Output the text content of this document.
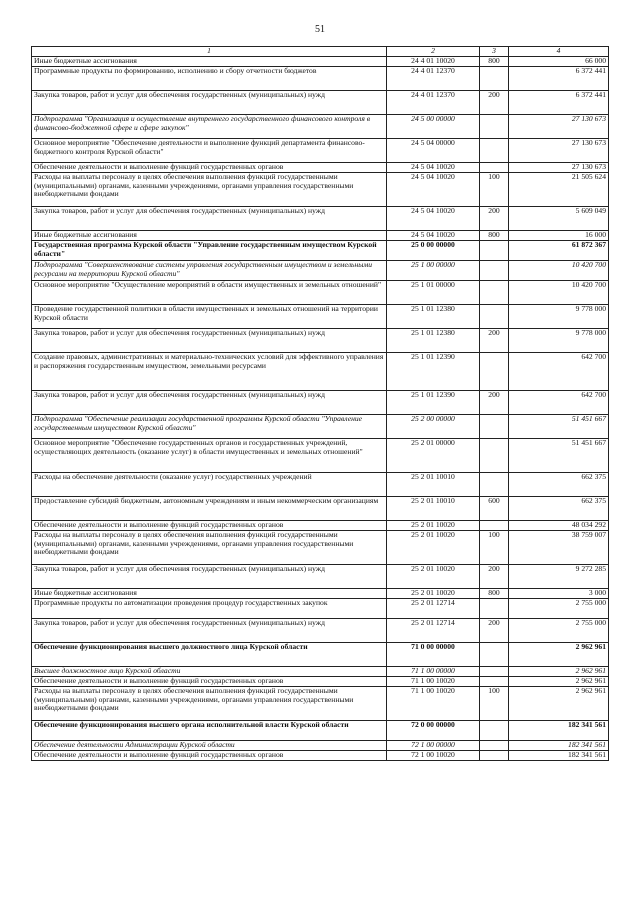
51
1	2	3	4
Иные бюджетные ассигнования	24 4 01 10020	800	66 000
Программные продукты по формированию, исполнению и сбору отчетности бюджетов	24 4 01 12370		6 372 441
Закупка товаров, работ и услуг для обеспечения государственных (муниципальных) нужд	24 4 01 12370	200	6 372 441
Подпрограмма "Организация и осуществление внутреннего государственного финансового контроля в финансово-бюджетной сфере и сфере закупок"	24 5 00 00000		27 130 673
Основное мероприятие "Обеспечение деятельности и выполнение функций департамента финансово-бюджетного контроля Курской области"	24 5 04 00000		27 130 673
Обеспечение деятельности и выполнение функций государственных органов	24 5 04 10020		27 130 673
Расходы на выплаты персоналу в целях обеспечения выполнения функций государственными (муниципальными) органами, казенными учреждениями, органами управления государственными внебюджетными фондами	24 5 04 10020	100	21 505 624
Закупка товаров, работ и услуг для обеспечения государственных (муниципальных) нужд	24 5 04 10020	200	5 609 049
Иные бюджетные ассигнования	24 5 04 10020	800	16 000
Государственная программа Курской области "Управление государственным имуществом Курской области"	25 0 00 00000		61 872 367
Подпрограмма "Совершенствование системы управления государственным имуществом и земельными ресурсами на территории Курской области"	25 1 00 00000		10 420 700
Основное мероприятие "Осуществление мероприятий в области имущественных и земельных отношений"	25 1 01 00000		10 420 700
Проведение государственной политики в области имущественных и земельных отношений на территории Курской области	25 1 01 12380		9 778 000
Закупка товаров, работ и услуг для обеспечения государственных (муниципальных) нужд	25 1 01 12380	200	9 778 000
Создание правовых, административных и материально-технических условий для эффективного управления и распоряжения государственным имуществом, земельными ресурсами	25 1 01 12390		642 700
Закупка товаров, работ и услуг для обеспечения государственных (муниципальных) нужд	25 1 01 12390	200	642 700
Подпрограмма "Обеспечение реализации государственной программы Курской области "Управление государственным имуществом Курской области"	25 2 00 00000		51 451 667
Основное мероприятие "Обеспечение государственных органов и государственных учреждений, осуществляющих деятельность (оказание услуг) в области имущественных и земельных отношений"	25 2 01 00000		51 451 667
Расходы на обеспечение деятельности (оказание услуг) государственных учреждений	25 2 01 10010		662 375
Предоставление субсидий бюджетным, автономным учреждениям и иным некоммерческим организациям	25 2 01 10010	600	662 375
Обеспечение деятельности и выполнение функций государственных органов	25 2 01 10020		48 034 292
Расходы на выплаты персоналу в целях обеспечения выполнения функций государственными (муниципальными) органами, казенными учреждениями, органами управления государственными внебюджетными фондами	25 2 01 10020	100	38 759 007
Закупка товаров, работ и услуг для обеспечения государственных (муниципальных) нужд	25 2 01 10020	200	9 272 285
Иные бюджетные ассигнования	25 2 01 10020	800	3 000
Программные продукты по автоматизации проведения процедур государственных закупок	25 2 01 12714		2 755 000
Закупка товаров, работ и услуг для обеспечения государственных (муниципальных) нужд	25 2 01 12714	200	2 755 000
Обеспечение функционирования высшего должностного лица Курской области	71 0 00 00000		2 962 961
Высшее должностное лицо Курской области	71 1 00 00000		2 962 961
Обеспечение деятельности и выполнение функций государственных органов	71 1 00 10020		2 962 961
Расходы на выплаты персоналу в целях обеспечения выполнения функций государственными (муниципальными) органами, казенными учреждениями, органами управления государственными внебюджетными фондами	71 1 00 10020	100	2 962 961
Обеспечение функционирования высшего органа исполнительной власти Курской области	72 0 00 00000		182 341 561
Обеспечение деятельности Администрации Курской области	72 1 00 00000		182 341 561
Обеспечение деятельности и выполнение функций государственных органов	72 1 00 10020		182 341 561
